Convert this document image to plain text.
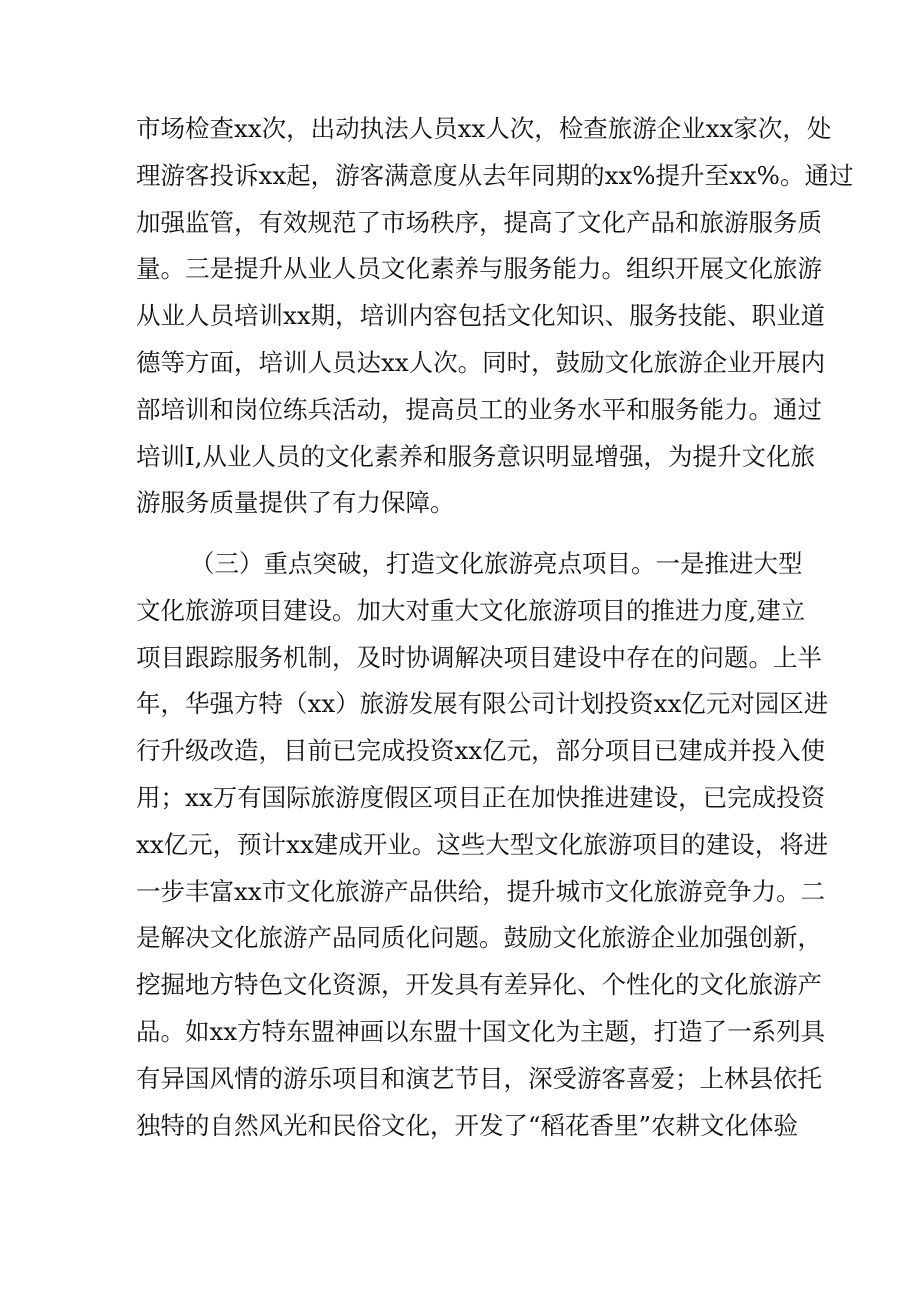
市场检查xx次，出动执法人员xx人次，检查旅游企业xx家次，处
理游客投诉xx起，游客满意度从去年同期的xx%提升至xx%。通过
加强监管，有效规范了市场秩序，提高了文化产品和旅游服务质
量。三是提升从业人员文化素养与服务能力。组织开展文化旅游
从业人员培训xx期，培训内容包括文化知识、服务技能、职业道
德等方面，培训人员达xx人次。同时，鼓励文化旅游企业开展内
部培训和岗位练兵活动，提高员工的业务水平和服务能力。通过
培训I,从业人员的文化素养和服务意识明显增强，为提升文化旅
游服务质量提供了有力保障。
（三）重点突破，打造文化旅游亮点项目。一是推进大型
文化旅游项目建设。加大对重大文化旅游项目的推进力度,建立
项目跟踪服务机制，及时协调解决项目建设中存在的问题。上半
年，华强方特（xx）旅游发展有限公司计划投资xx亿元对园区进
行升级改造，目前已完成投资xx亿元，部分项目已建成并投入使
用；xx万有国际旅游度假区项目正在加快推进建设，已完成投资
xx亿元，预计xx建成开业。这些大型文化旅游项目的建设，将进
一步丰富xx市文化旅游产品供给，提升城市文化旅游竞争力。二
是解决文化旅游产品同质化问题。鼓励文化旅游企业加强创新，
挖掘地方特色文化资源，开发具有差异化、个性化的文化旅游产
品。如xx方特东盟神画以东盟十国文化为主题，打造了一系列具
有异国风情的游乐项目和演艺节目，深受游客喜爱；上林县依托
独特的自然风光和民俗文化，开发了“稻花香里”农耕文化体验
